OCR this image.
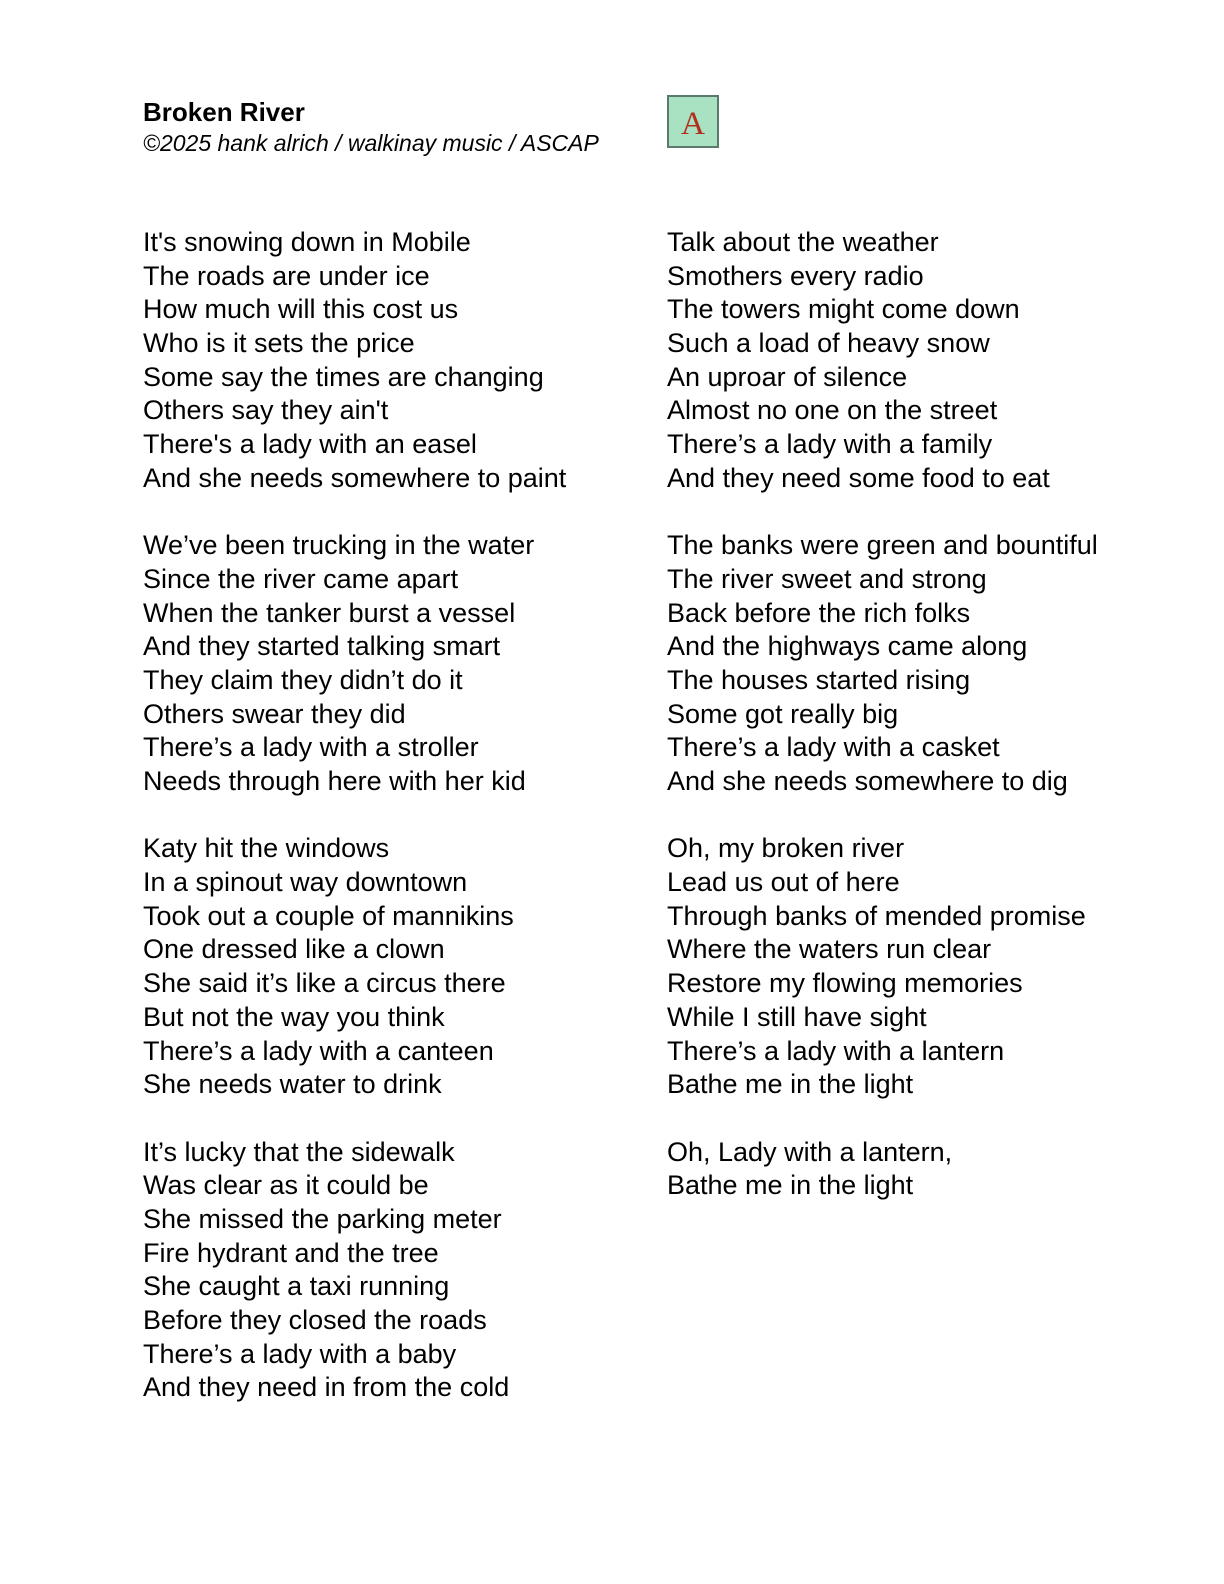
Broken River
©2025 hank alrich / walkinay music / ASCAP
A
It's snowing down in Mobile
The roads are under ice
How much will this cost us
Who is it sets the price
Some say the times are changing
Others say they ain't
There's a lady with an easel
And she needs somewhere to paint
We’ve been trucking in the water
Since the river came apart
When the tanker burst a vessel
And they started talking smart
They claim they didn’t do it
Others swear they did
There’s a lady with a stroller
Needs through here with her kid
Katy hit the windows
In a spinout way downtown
Took out a couple of mannikins
One dressed like a clown
She said it’s like a circus there
But not the way you think
There’s a lady with a canteen
She needs water to drink
It’s lucky that the sidewalk
Was clear as it could be
She missed the parking meter
Fire hydrant and the tree
She caught a taxi running
Before they closed the roads
There’s a lady with a baby
And they need in from the cold
Talk about the weather
Smothers every radio
The towers might come down
Such a load of heavy snow
An uproar of silence
Almost no one on the street
There’s a lady with a family
And they need some food to eat
The banks were green and bountiful
The river sweet and strong
Back before the rich folks
And the highways came along
The houses started rising
Some got really big
There’s a lady with a casket
And she needs somewhere to dig
Oh, my broken river
Lead us out of here
Through banks of mended promise
Where the waters run clear
Restore my flowing memories
While I still have sight
There’s a lady with a lantern
Bathe me in the light
Oh, Lady with a lantern,
Bathe me in the light
